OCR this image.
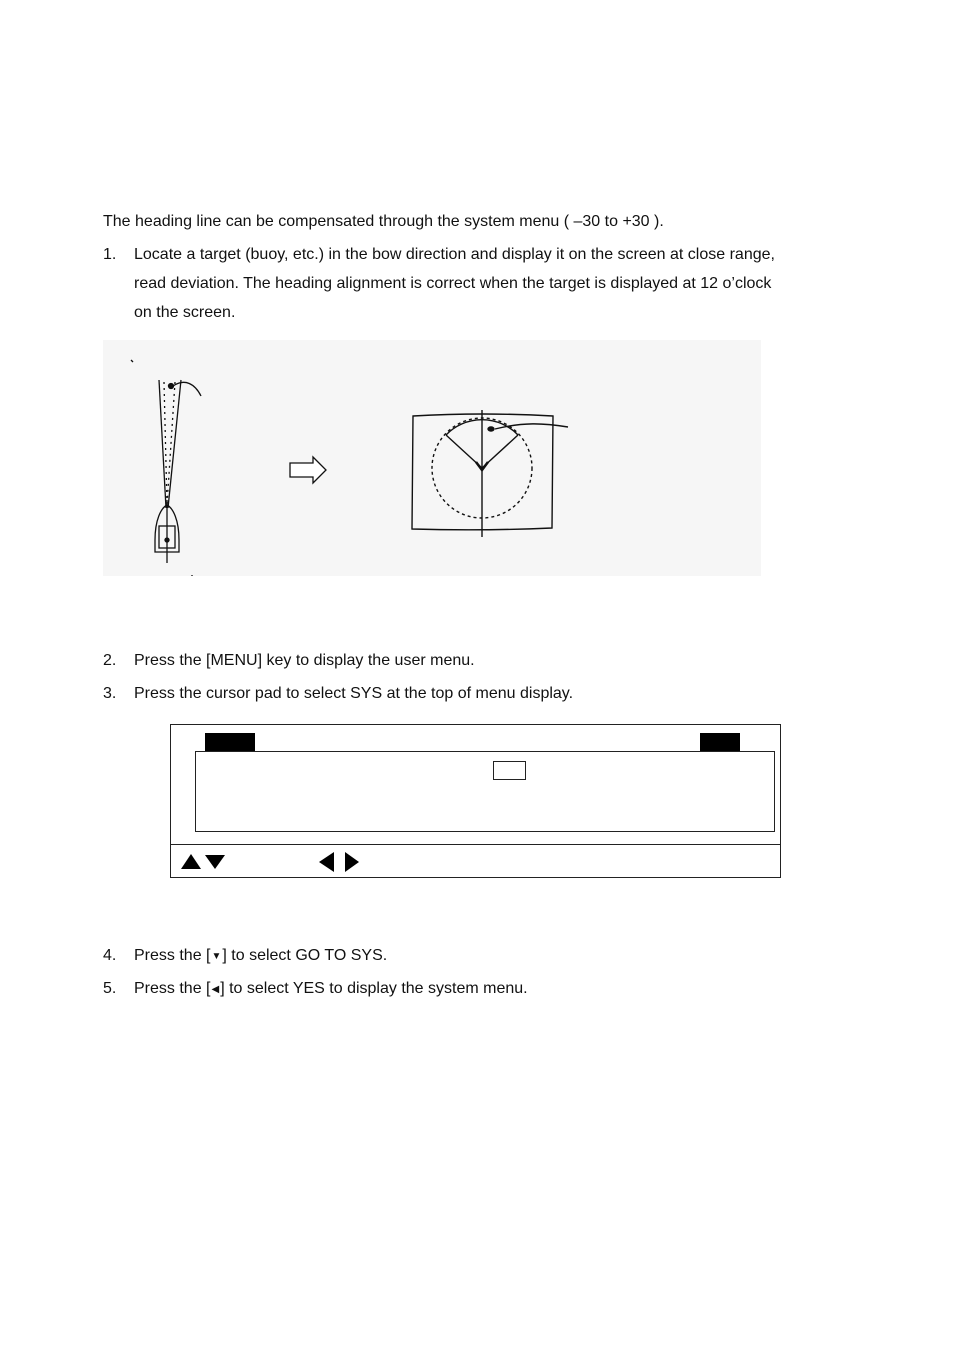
The heading line can be compensated through the system menu ( –30 to +30 ).
1.	Locate a target (buoy, etc.) in the bow direction and display it on the screen at close range,
read deviation. The heading alignment is correct when the target is displayed at 12 o’clock
on the screen.
2.	Press the [MENU] key to display the user menu.
3.	Press the cursor pad to select SYS at the top of menu display.
4.	Press the [▼] to select GO TO SYS.
5.	Press the [◀] to select YES to display the system menu.
